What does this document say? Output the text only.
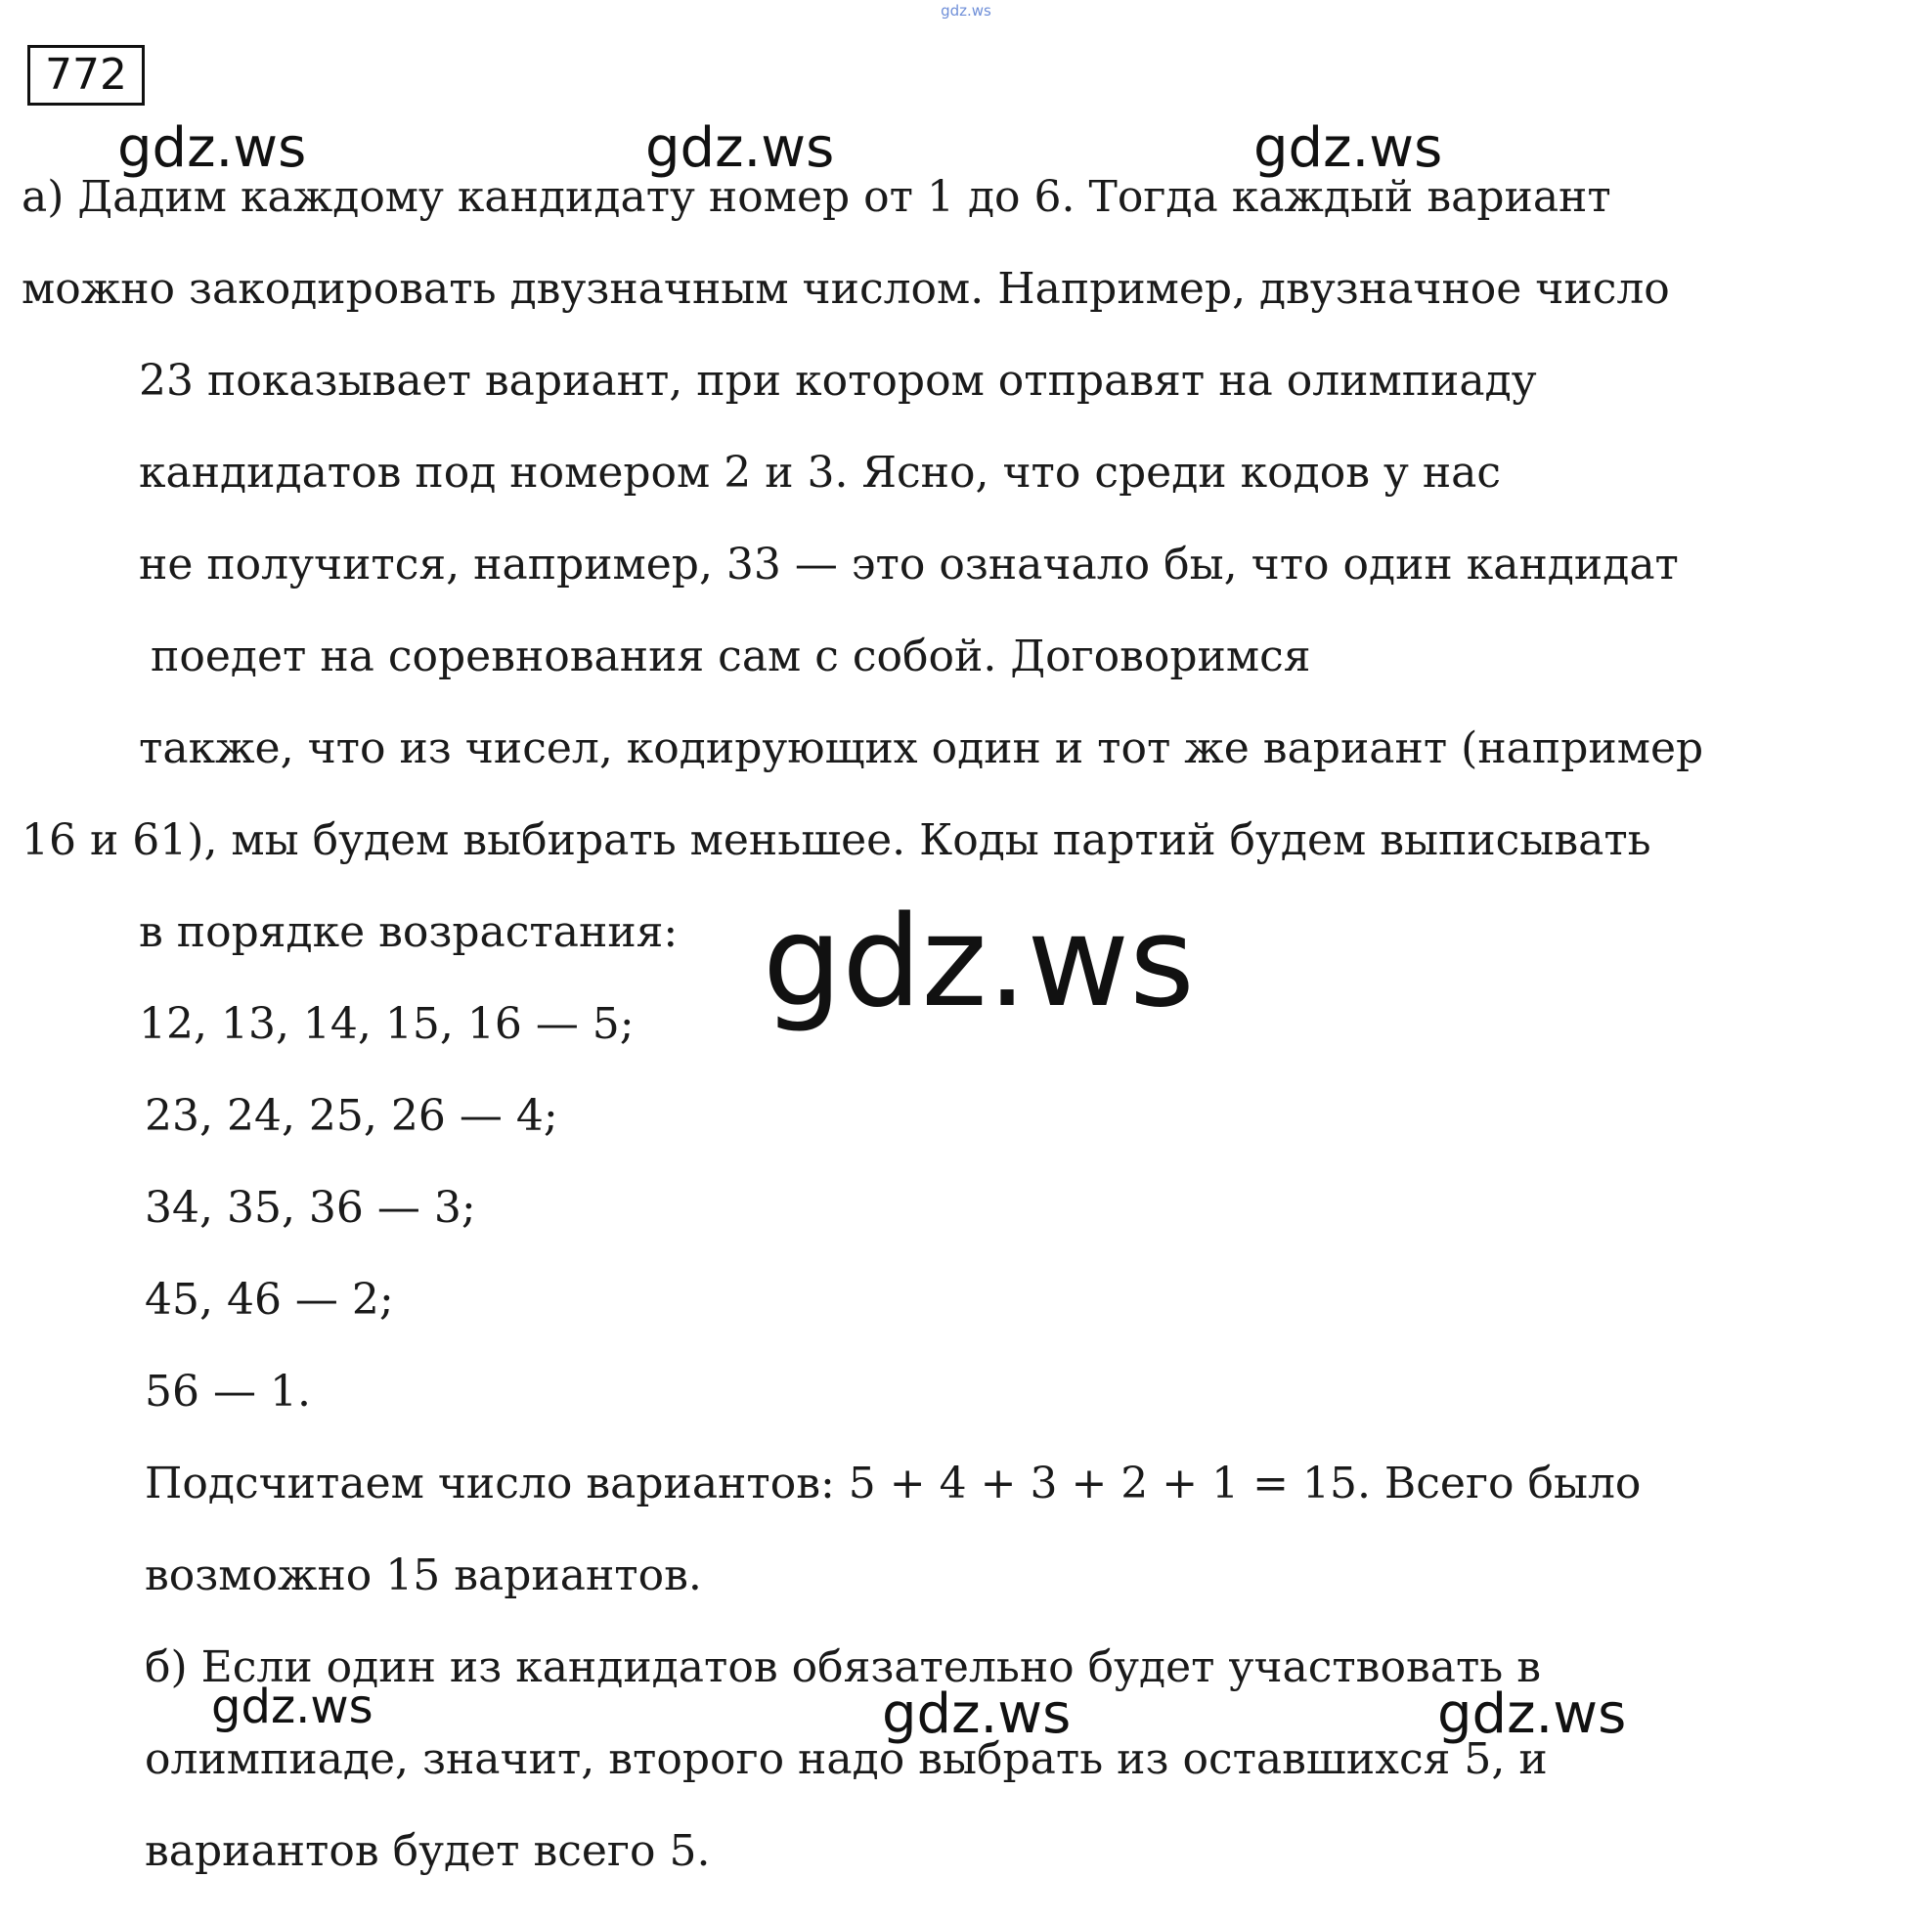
gdz.ws
772
а) Дадим каждому кандидату номер от 1 до 6. Тогда каждый вариант
можно закодировать двузначным числом. Например, двузначное число
23 показывает вариант, при котором отправят на олимпиаду
кандидатов под номером 2 и 3. Ясно, что среди кодов у нас
не получится, например, 33 — это означало бы, что один кандидат
поедет на соревнования сам с собой. Договоримся
также, что из чисел, кодирующих один и тот же вариант (например
16 и 61), мы будем выбирать меньшее. Коды партий будем выписывать
в порядке возрастания:
12, 13, 14, 15, 16 — 5;
23, 24, 25, 26 — 4;
34, 35, 36 — 3;
45, 46 — 2;
56 — 1.
Подсчитаем число вариантов: 5 + 4 + 3 + 2 + 1 = 15. Всего было
возможно 15 вариантов.
б) Если один из кандидатов обязательно будет участвовать в
олимпиаде, значит, второго надо выбрать из оставшихся 5, и
вариантов будет всего 5.
gdz.ws	gdz.ws	gdz.ws
gdz.ws
gdz.ws	gdz.ws	gdz.ws
